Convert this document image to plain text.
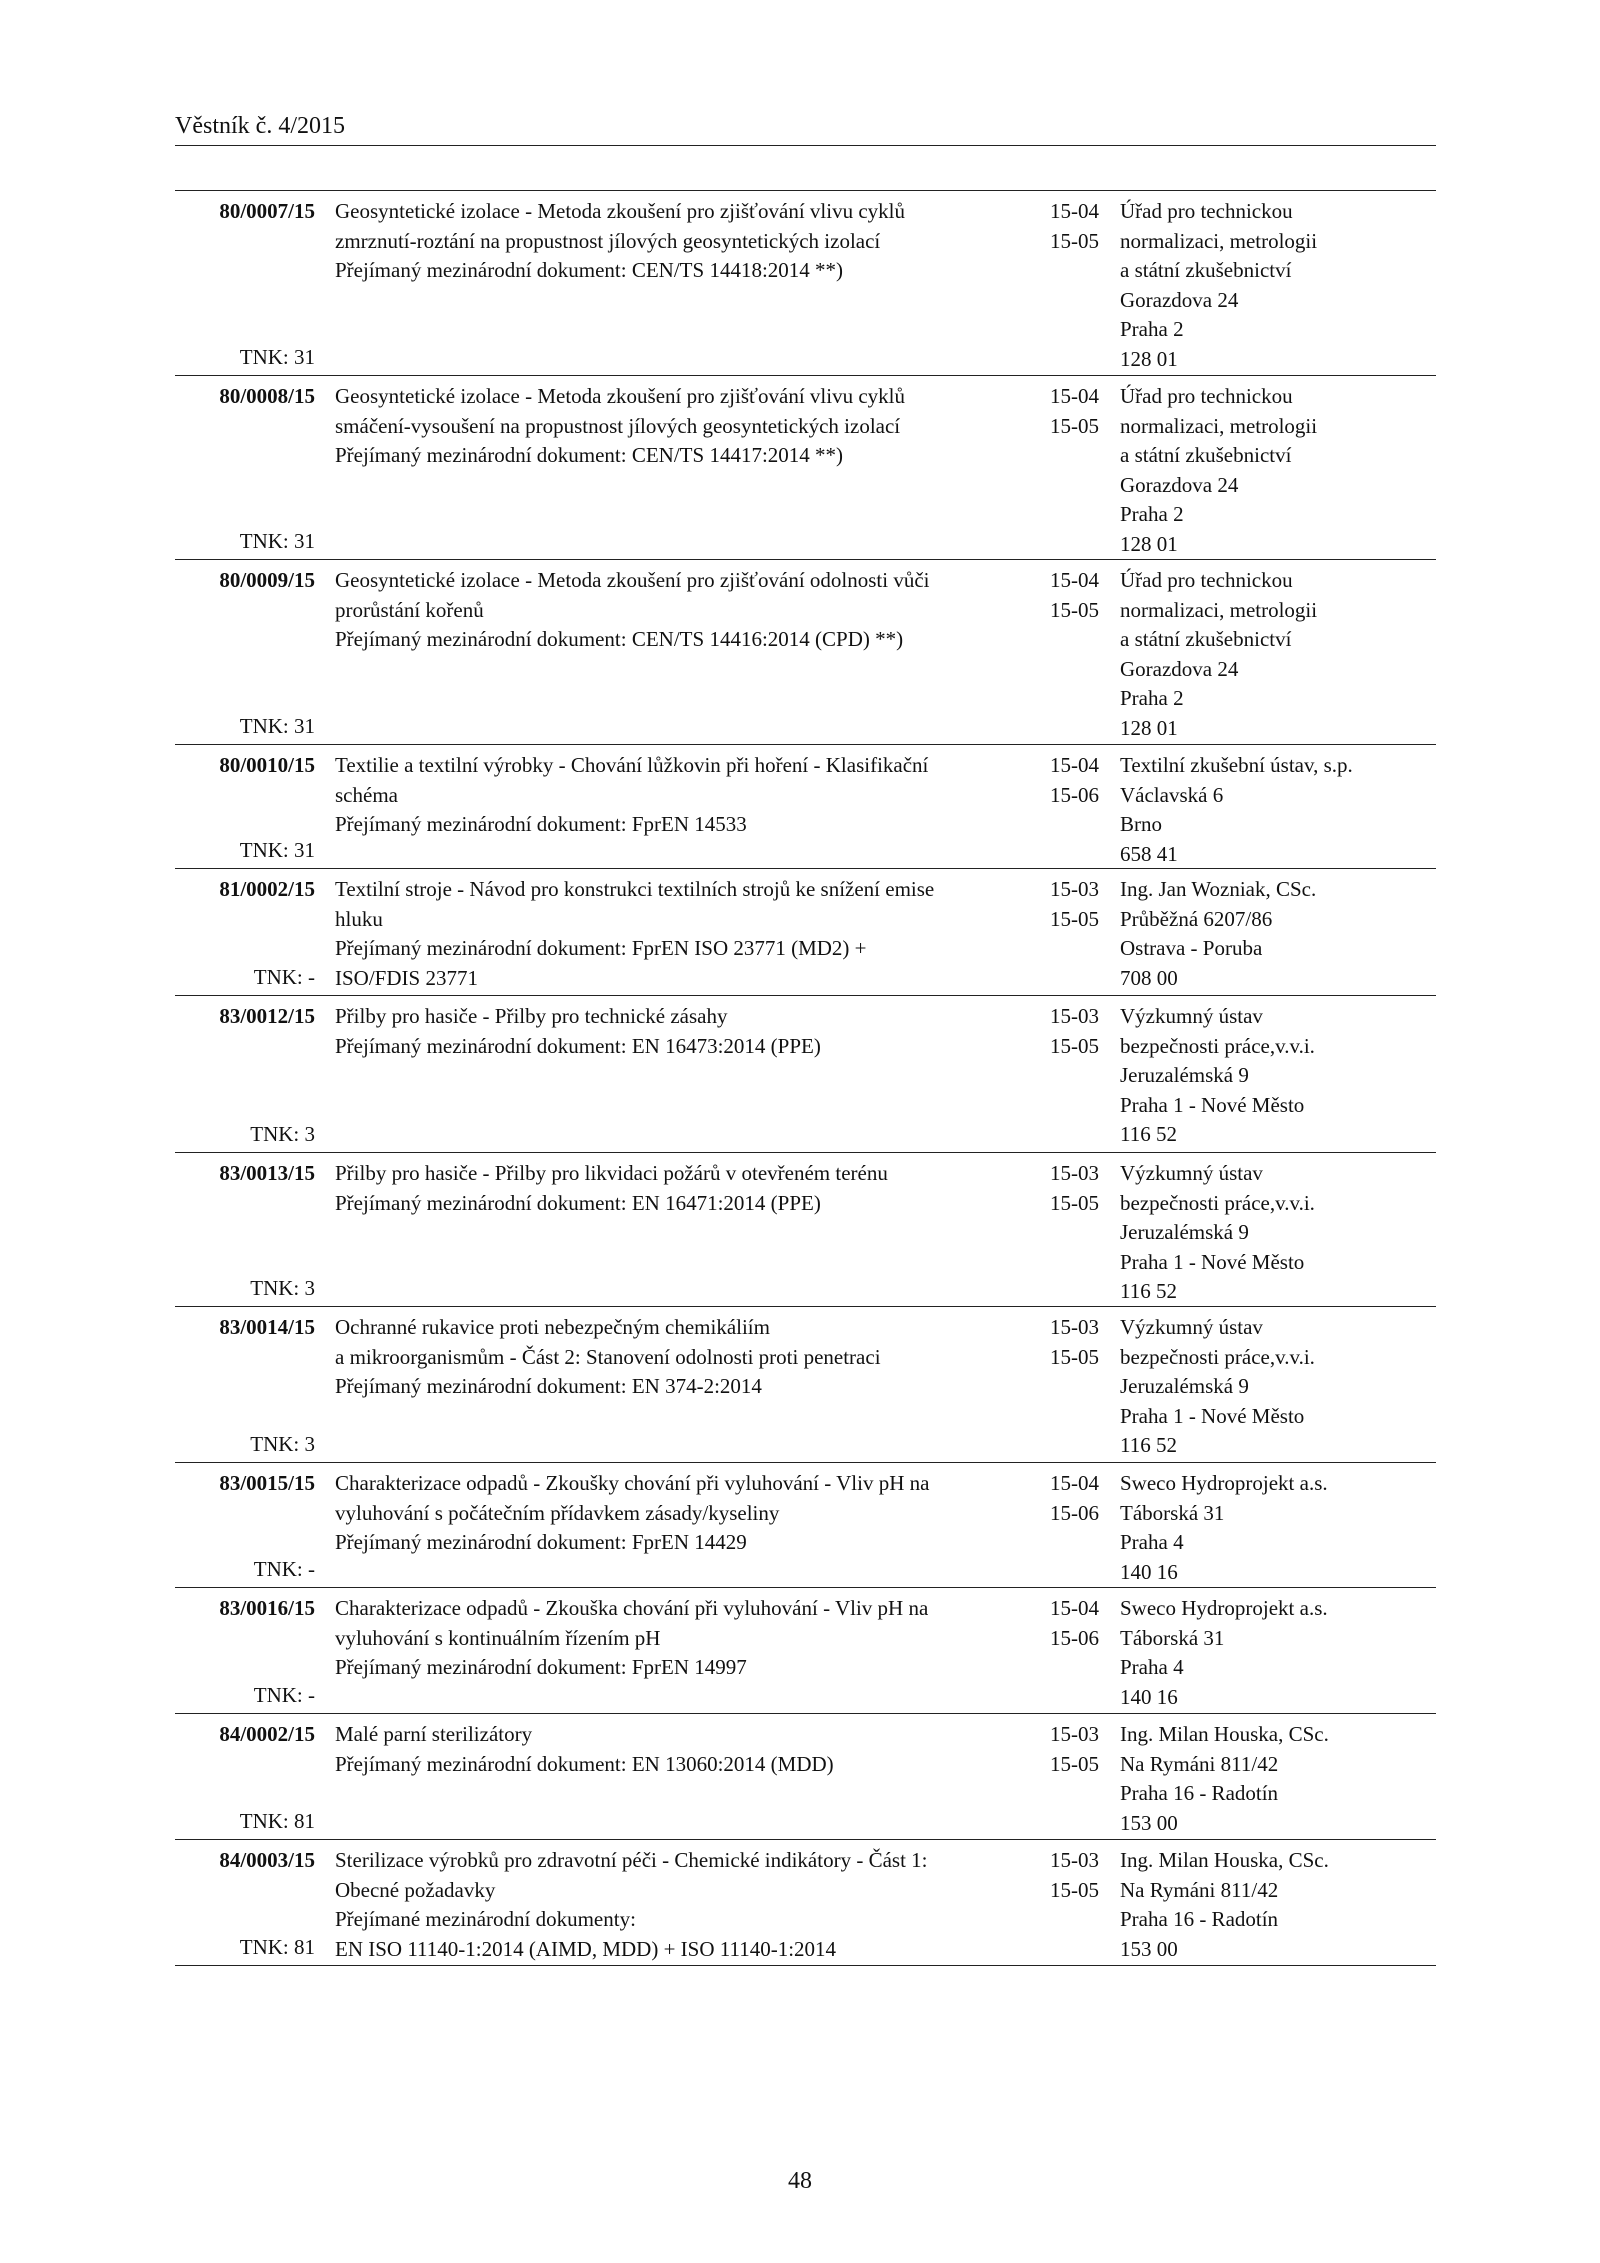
Věstník č. 4/2015
80/0007/15
TNK: 31
Geosyntetické izolace - Metoda zkoušení pro zjišťování vlivu cyklů
zmrznutí-roztání na propustnost jílových geosyntetických izolací
Přejímaný mezinárodní dokument: CEN/TS 14418:2014 **)
15-04
15-05
Úřad pro technickou
normalizaci, metrologii
a státní zkušebnictví
Gorazdova 24
Praha 2
128 01
80/0008/15
TNK: 31
Geosyntetické izolace - Metoda zkoušení pro zjišťování vlivu cyklů
smáčení-vysoušení na propustnost jílových geosyntetických izolací
Přejímaný mezinárodní dokument: CEN/TS 14417:2014 **)
15-04
15-05
Úřad pro technickou
normalizaci, metrologii
a státní zkušebnictví
Gorazdova 24
Praha 2
128 01
80/0009/15
TNK: 31
Geosyntetické izolace - Metoda zkoušení pro zjišťování odolnosti vůči
prorůstání kořenů
Přejímaný mezinárodní dokument: CEN/TS 14416:2014 (CPD) **)
15-04
15-05
Úřad pro technickou
normalizaci, metrologii
a státní zkušebnictví
Gorazdova 24
Praha 2
128 01
80/0010/15
TNK: 31
Textilie a textilní výrobky - Chování lůžkovin při hoření - Klasifikační
schéma
Přejímaný mezinárodní dokument: FprEN 14533
15-04
15-06
Textilní zkušební ústav, s.p.
Václavská 6
Brno
658 41
81/0002/15
TNK: -
Textilní stroje - Návod pro konstrukci textilních strojů ke snížení emise
hluku
Přejímaný mezinárodní dokument: FprEN ISO 23771 (MD2) +
ISO/FDIS 23771
15-03
15-05
Ing. Jan Wozniak, CSc.
Průběžná 6207/86
Ostrava - Poruba
708 00
83/0012/15
TNK: 3
Přilby pro hasiče - Přilby pro technické zásahy
Přejímaný mezinárodní dokument: EN 16473:2014 (PPE)
15-03
15-05
Výzkumný ústav
bezpečnosti práce,v.v.i.
Jeruzalémská 9
Praha 1 - Nové Město
116 52
83/0013/15
TNK: 3
Přilby pro hasiče - Přilby pro likvidaci požárů v otevřeném terénu
Přejímaný mezinárodní dokument: EN 16471:2014 (PPE)
15-03
15-05
Výzkumný ústav
bezpečnosti práce,v.v.i.
Jeruzalémská 9
Praha 1 - Nové Město
116 52
83/0014/15
TNK: 3
Ochranné rukavice proti nebezpečným chemikáliím
a mikroorganismům - Část 2: Stanovení odolnosti proti penetraci
Přejímaný mezinárodní dokument: EN 374-2:2014
15-03
15-05
Výzkumný ústav
bezpečnosti práce,v.v.i.
Jeruzalémská 9
Praha 1 - Nové Město
116 52
83/0015/15
TNK: -
Charakterizace odpadů - Zkoušky chování při vyluhování - Vliv pH na
vyluhování s počátečním přídavkem zásady/kyseliny
Přejímaný mezinárodní dokument: FprEN 14429
15-04
15-06
Sweco Hydroprojekt a.s.
Táborská 31
Praha 4
140 16
83/0016/15
TNK: -
Charakterizace odpadů - Zkouška chování při vyluhování - Vliv pH na
vyluhování s kontinuálním řízením pH
Přejímaný mezinárodní dokument: FprEN 14997
15-04
15-06
Sweco Hydroprojekt a.s.
Táborská 31
Praha 4
140 16
84/0002/15
TNK: 81
Malé parní sterilizátory
Přejímaný mezinárodní dokument: EN 13060:2014 (MDD)
15-03
15-05
Ing. Milan Houska, CSc.
Na Rymáni 811/42
Praha 16 - Radotín
153 00
84/0003/15
TNK: 81
Sterilizace výrobků pro zdravotní péči - Chemické indikátory - Část 1:
Obecné požadavky
Přejímané mezinárodní dokumenty:
EN ISO 11140-1:2014 (AIMD, MDD) + ISO 11140-1:2014
15-03
15-05
Ing. Milan Houska, CSc.
Na Rymáni 811/42
Praha 16 - Radotín
153 00
48
